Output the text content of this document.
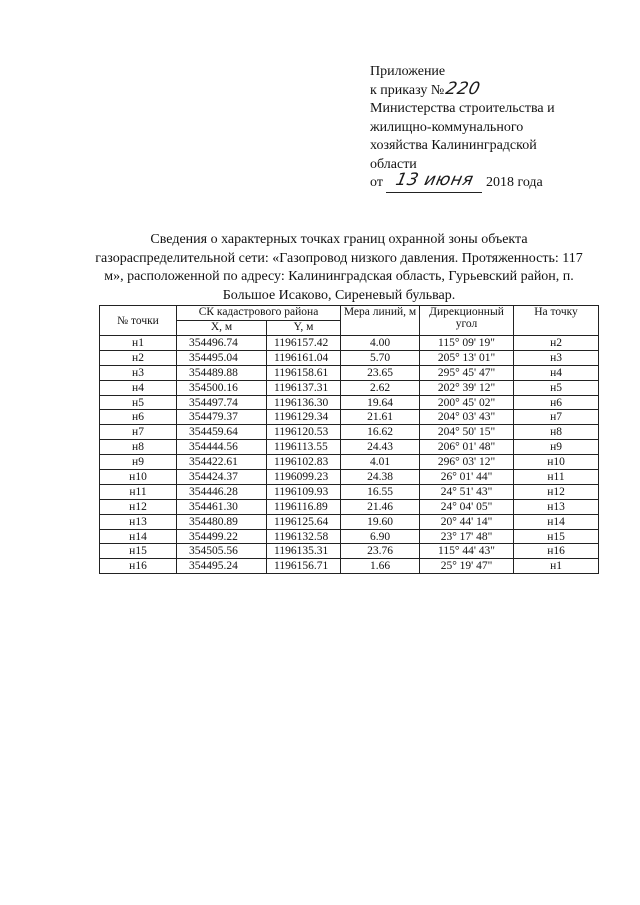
Приложение
к приказу №220
Министерства строительства и
жилищно-коммунального
хозяйства Калининградской
области
от 13 июня 2018 года
Сведения о характерных точках границ охранной зоны объекта газораспределительной сети: «Газопровод низкого давления. Протяженность: 117 м», расположенной по адресу: Калининградская область, Гурьевский район, п. Большое Исаково, Сиреневый бульвар.
№ точки	СК кадастрового района		Мера линий, м	Дирекционный угол	На точку
	X, м	Y, м			
н1	354496.74	1196157.42	4.00	115° 09' 19"	н2
н2	354495.04	1196161.04	5.70	205° 13' 01"	н3
н3	354489.88	1196158.61	23.65	295° 45' 47"	н4
н4	354500.16	1196137.31	2.62	202° 39' 12"	н5
н5	354497.74	1196136.30	19.64	200° 45' 02"	н6
н6	354479.37	1196129.34	21.61	204° 03' 43"	н7
н7	354459.64	1196120.53	16.62	204° 50' 15"	н8
н8	354444.56	1196113.55	24.43	206° 01' 48"	н9
н9	354422.61	1196102.83	4.01	296° 03' 12"	н10
н10	354424.37	1196099.23	24.38	26° 01' 44"	н11
н11	354446.28	1196109.93	16.55	24° 51' 43"	н12
н12	354461.30	1196116.89	21.46	24° 04' 05"	н13
н13	354480.89	1196125.64	19.60	20° 44' 14"	н14
н14	354499.22	1196132.58	6.90	23° 17' 48"	н15
н15	354505.56	1196135.31	23.76	115° 44' 43"	н16
н16	354495.24	1196156.71	1.66	25° 19' 47"	н1
